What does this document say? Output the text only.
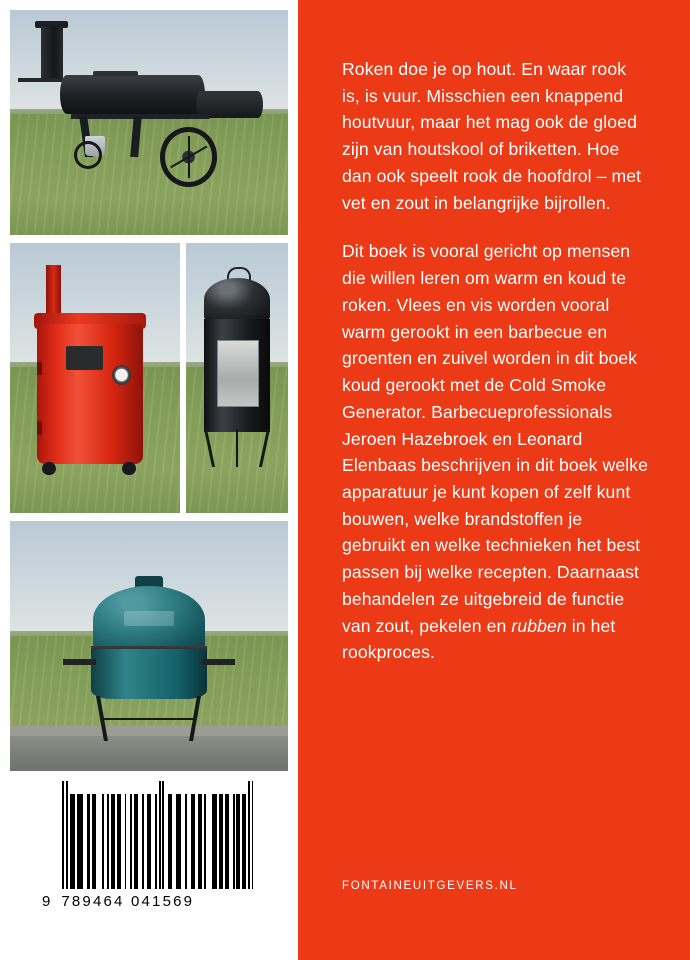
9 789464 041569

Roken doe je op hout. En waar rook is, is vuur. Misschien een knappend houtvuur, maar het mag ook de gloed zijn van houtskool of briketten. Hoe dan ook speelt rook de hoofdrol – met vet en zout in belangrijke bijrollen.

Dit boek is vooral gericht op mensen die willen leren om warm en koud te roken. Vlees en vis worden vooral warm gerookt in een barbecue en groenten en zuivel worden in dit boek koud gerookt met de Cold Smoke Generator. Barbecueprofessionals Jeroen Hazebroek en Leonard Elenbaas beschrijven in dit boek welke apparatuur je kunt kopen of zelf kunt bouwen, welke brandstoffen je gebruikt en welke technieken het best passen bij welke recepten. Daarnaast behandelen ze uitgebreid de functie van zout, pekelen en rubben in het rookproces.

FONTAINEUITGEVERS.NL
